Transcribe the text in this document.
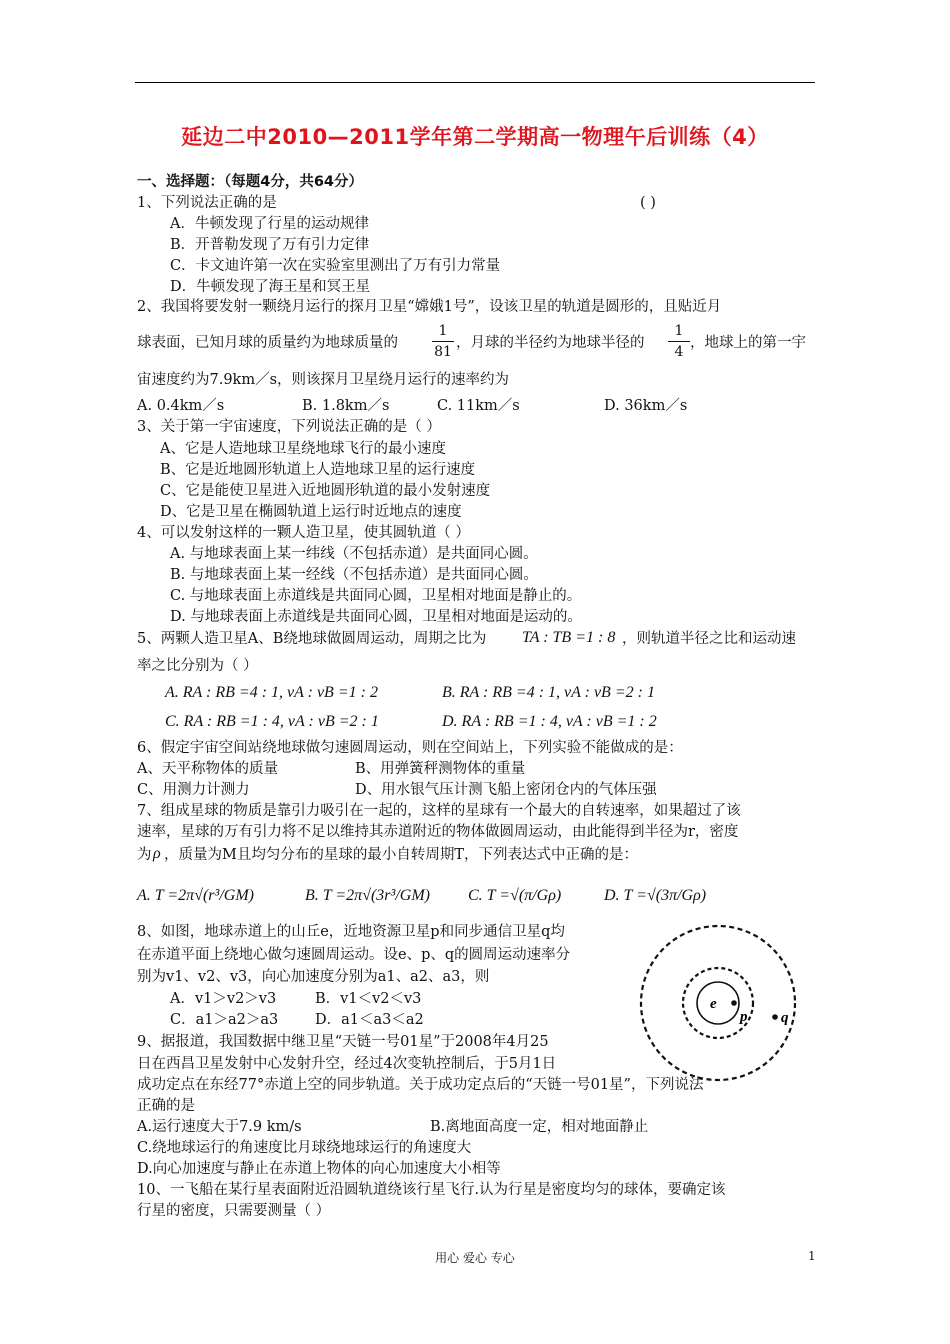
延边二中2010—2011学年第二学期高一物理午后训练（4）
一、选择题：（每题4分，共64分）
1、下列说法正确的是	( )
A．牛顿发现了行星的运动规律
B．开普勒发现了万有引力定律
C．卡文迪许第一次在实验室里测出了万有引力常量
D．牛顿发现了海王星和冥王星
2、我国将要发射一颗绕月运行的探月卫星“嫦娥1号”，设该卫星的轨道是圆形的，且贴近月
球表面，已知月球的质量约为地球质量的
1
81
，月球的半径约为地球半径的
1
4
，地球上的第一宇
宙速度约为7.9km／s，则该探月卫星绕月运行的速率约为
A. 0.4km／s	B. 1.8km／s	C. 11km／s	D. 36km／s
3、关于第一宇宙速度，下列说法正确的是（ ）
A、它是人造地球卫星绕地球飞行的最小速度
B、它是近地圆形轨道上人造地球卫星的运行速度
C、它是能使卫星进入近地圆形轨道的最小发射速度
D、它是卫星在椭圆轨道上运行时近地点的速度
4、可以发射这样的一颗人造卫星，使其圆轨道（ ）
A. 与地球表面上某一纬线（不包括赤道）是共面同心圆。
B. 与地球表面上某一经线（不包括赤道）是共面同心圆。
C. 与地球表面上赤道线是共面同心圆，卫星相对地面是静止的。
D. 与地球表面上赤道线是共面同心圆，卫星相对地面是运动的。
5、两颗人造卫星A、B绕地球做圆周运动，周期之比为 TA : TB =1 : 8 ，则轨道半径之比和运动速
率之比分别为（ ）
A. RA : RB =4 : 1, vA : vB =1 : 2	B. RA : RB =4 : 1, vA : vB =2 : 1
C. RA : RB =1 : 4, vA : vB =2 : 1	D. RA : RB =1 : 4, vA : vB =1 : 2
6、假定宇宙空间站绕地球做匀速圆周运动，则在空间站上，下列实验不能做成的是：
A、天平称物体的质量	B、用弹簧秤测物体的重量
C、用测力计测力	D、用水银气压计测飞船上密闭仓内的气体压强
7、组成星球的物质是靠引力吸引在一起的，这样的星球有一个最大的自转速率，如果超过了该
速率，星球的万有引力将不足以维持其赤道附近的物体做圆周运动，由此能得到半径为r，密度
为 ρ ，质量为M且均匀分布的星球的最小自转周期T，下列表达式中正确的是：
A. T =2π√(r³/GM)	B. T =2π√(3r³/GM) C. T =√(π/Gρ)	D. T =√(3π/Gρ)
8、如图，地球赤道上的山丘e，近地资源卫星p和同步通信卫星q均
在赤道平面上绕地心做匀速圆周运动。设e、p、q的圆周运动速率分
别为v1、v2、v3，向心加速度分别为a1、a2、a3，则
A．v1＞v2＞v3	B．v1＜v2＜v3
C．a1＞a2＞a3	D．a1＜a3＜a2
e
p q
9、据报道，我国数据中继卫星“天链一号01星”于2008年4月25
日在西昌卫星发射中心发射升空，经过4次变轨控制后，于5月1日
成功定点在东经77°赤道上空的同步轨道。关于成功定点后的“天链一号01星”，下列说法
正确的是
A.运行速度大于7.9 km/s	B.离地面高度一定，相对地面静止
C.绕地球运行的角速度比月球绕地球运行的角速度大
D.向心加速度与静止在赤道上物体的向心加速度大小相等
10、一飞船在某行星表面附近沿圆轨道绕该行星飞行.认为行星是密度均匀的球体，要确定该
行星的密度，只需要测量（ ）
用心 爱心 专心	1
